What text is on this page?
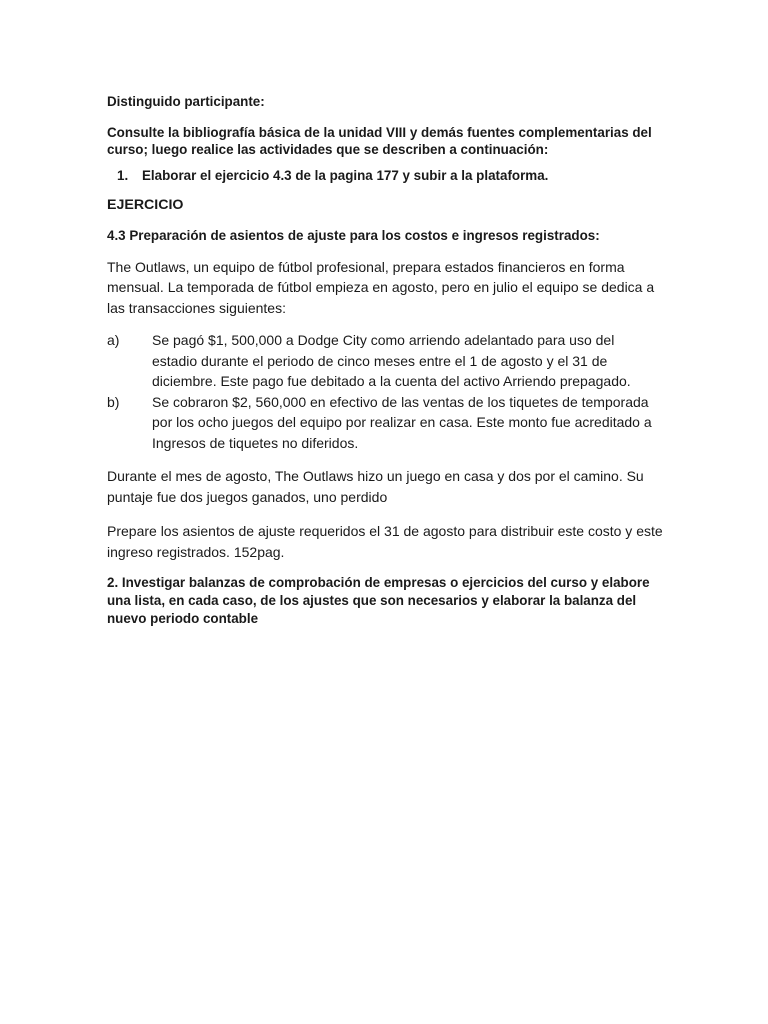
Distinguido participante:

Consulte la bibliografía básica de la unidad VIII y demás fuentes complementarias del curso; luego realice las actividades que se describen a continuación:

1.	Elaborar el ejercicio 4.3 de la pagina 177 y subir a la plataforma.

EJERCICIO

4.3 Preparación de asientos de ajuste para los costos e ingresos registrados:

The Outlaws, un equipo de fútbol profesional, prepara estados financieros en forma mensual. La temporada de fútbol empieza en agosto, pero en julio el equipo se dedica a las transacciones siguientes:

a)	Se pagó $1, 500,000 a Dodge City como arriendo adelantado para uso del estadio durante el periodo de cinco meses entre el 1 de agosto y el 31 de diciembre. Este pago fue debitado a la cuenta del activo Arriendo prepagado.
b)	Se cobraron $2, 560,000 en efectivo de las ventas de los tiquetes de temporada por los ocho juegos del equipo por realizar en casa. Este monto fue acreditado a Ingresos de tiquetes no diferidos.

Durante el mes de agosto, The Outlaws hizo un juego en casa y dos por el camino. Su puntaje fue dos juegos ganados, uno perdido

Prepare los asientos de ajuste requeridos el 31 de agosto para distribuir este costo y este ingreso registrados. 152pag.

2. Investigar balanzas de comprobación de empresas o ejercicios del curso y elabore una lista, en cada caso, de los ajustes que son necesarios y elaborar la balanza del nuevo periodo contable
